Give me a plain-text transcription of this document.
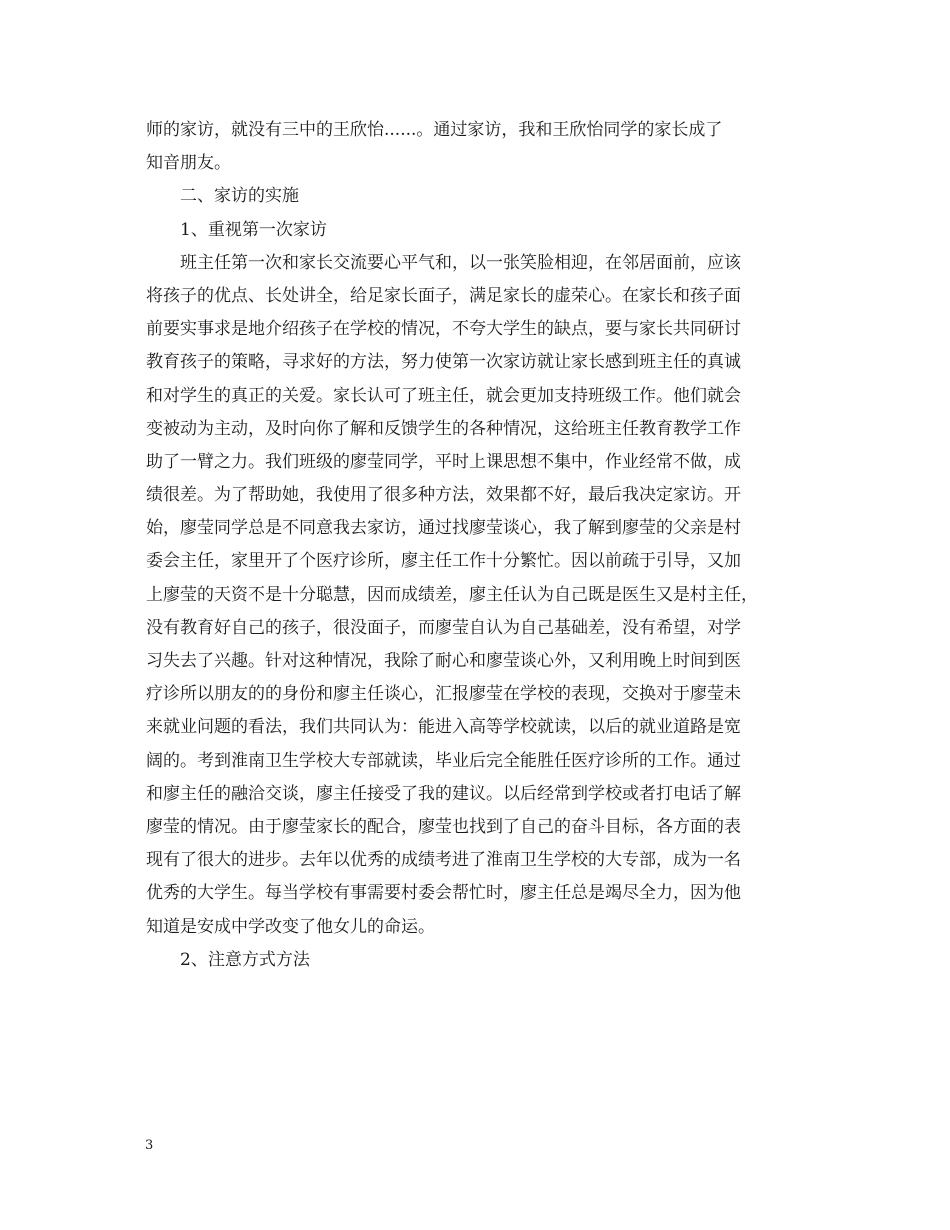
师的家访，就没有三中的王欣怡......。通过家访，我和王欣怡同学的家长成了

知音朋友。

二、家访的实施

1、重视第一次家访

班主任第一次和家长交流要心平气和，以一张笑脸相迎，在邻居面前，应该

将孩子的优点、长处讲全，给足家长面子，满足家长的虚荣心。在家长和孩子面

前要实事求是地介绍孩子在学校的情况，不夸大学生的缺点，要与家长共同研讨

教育孩子的策略，寻求好的方法，努力使第一次家访就让家长感到班主任的真诚

和对学生的真正的关爱。家长认可了班主任，就会更加支持班级工作。他们就会

变被动为主动，及时向你了解和反馈学生的各种情况，这给班主任教育教学工作

助了一臂之力。我们班级的廖莹同学，平时上课思想不集中，作业经常不做，成

绩很差。为了帮助她，我使用了很多种方法，效果都不好，最后我决定家访。开

始，廖莹同学总是不同意我去家访，通过找廖莹谈心，我了解到廖莹的父亲是村

委会主任，家里开了个医疗诊所，廖主任工作十分繁忙。因以前疏于引导，又加

上廖莹的天资不是十分聪慧，因而成绩差，廖主任认为自己既是医生又是村主任，

没有教育好自己的孩子，很没面子，而廖莹自认为自己基础差，没有希望，对学

习失去了兴趣。针对这种情况，我除了耐心和廖莹谈心外，又利用晚上时间到医

疗诊所以朋友的的身份和廖主任谈心，汇报廖莹在学校的表现，交换对于廖莹未

来就业问题的看法，我们共同认为：能进入高等学校就读，以后的就业道路是宽

阔的。考到淮南卫生学校大专部就读，毕业后完全能胜任医疗诊所的工作。通过

和廖主任的融洽交谈，廖主任接受了我的建议。以后经常到学校或者打电话了解

廖莹的情况。由于廖莹家长的配合，廖莹也找到了自己的奋斗目标，各方面的表

现有了很大的进步。去年以优秀的成绩考进了淮南卫生学校的大专部，成为一名

优秀的大学生。每当学校有事需要村委会帮忙时，廖主任总是竭尽全力，因为他

知道是安成中学改变了他女儿的命运。

2、注意方式方法

3
